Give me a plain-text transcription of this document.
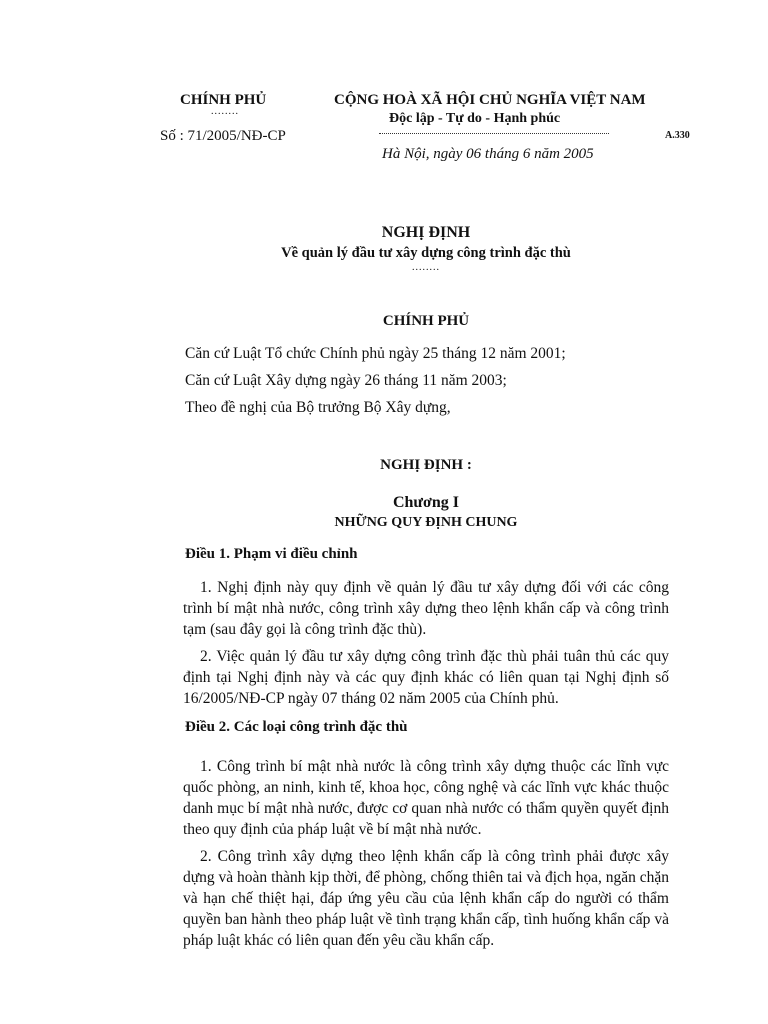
CHÍNH PHỦ
........
Số : 71/2005/NĐ-CP
CỘNG HOÀ XÃ HỘI CHỦ NGHĨA VIỆT NAM
Độc lập - Tự do - Hạnh phúc
A.330
Hà Nội, ngày 06 tháng 6 năm 2005
NGHỊ ĐỊNH
Về quản lý đầu tư xây dựng công trình đặc thù
........
CHÍNH PHỦ
Căn cứ Luật Tổ chức Chính phủ ngày 25 tháng 12 năm 2001;
Căn cứ Luật Xây dựng ngày 26 tháng 11 năm 2003;
Theo đề nghị của Bộ trưởng Bộ Xây dựng,
NGHỊ ĐỊNH :
Chương I
NHỮNG QUY ĐỊNH CHUNG
Điều 1. Phạm vi điều chỉnh
1. Nghị định này quy định về quản lý đầu tư xây dựng đối với các công trình bí mật nhà nước, công trình xây dựng theo lệnh khẩn cấp và công trình tạm (sau đây gọi là công trình đặc thù).
2. Việc quản lý đầu tư xây dựng công trình đặc thù phải tuân thủ các quy định tại Nghị định này và các quy định khác có liên quan tại Nghị định số 16/2005/NĐ-CP ngày 07 tháng 02 năm 2005 của Chính phủ.
Điều 2. Các loại công trình đặc thù
1. Công trình bí mật nhà nước là công trình xây dựng thuộc các lĩnh vực quốc phòng, an ninh, kinh tế, khoa học, công nghệ và các lĩnh vực khác thuộc danh mục bí mật nhà nước, được cơ quan nhà nước có thẩm quyền quyết định theo quy định của pháp luật về bí mật nhà nước.
2. Công trình xây dựng theo lệnh khẩn cấp là công trình phải được xây dựng và hoàn thành kịp thời, để phòng, chống thiên tai và địch họa, ngăn chặn và hạn chế thiệt hại, đáp ứng yêu cầu của lệnh khẩn cấp do người có thẩm quyền ban hành theo pháp luật về tình trạng khẩn cấp, tình huống khẩn cấp và pháp luật khác có liên quan đến yêu cầu khẩn cấp.
